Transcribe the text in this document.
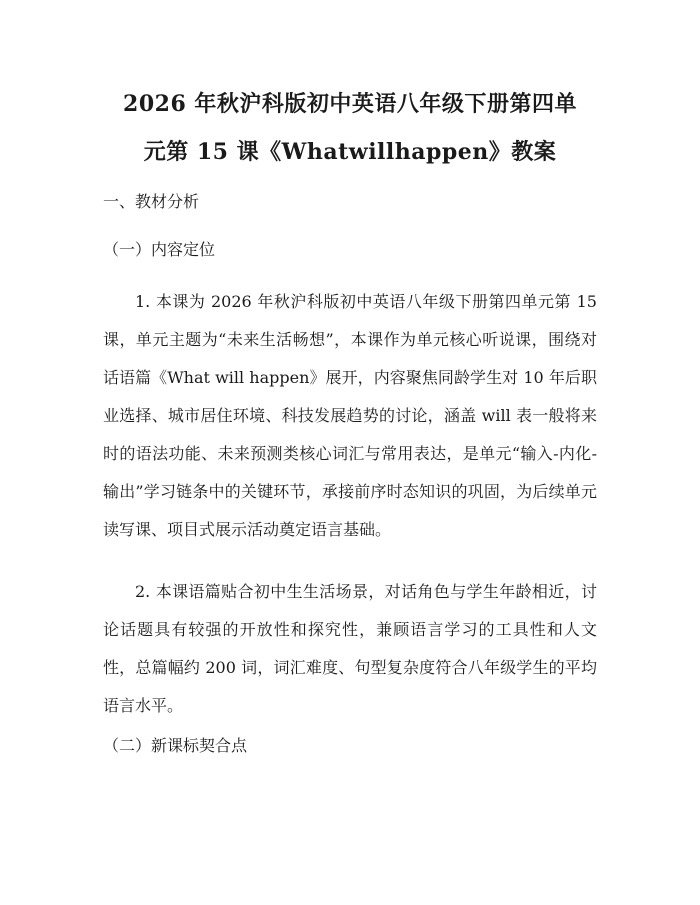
2026 年秋沪科版初中英语八年级下册第四单
元第 15 课《Whatwillhappen》教案
一、教材分析
（一）内容定位
1. 本课为 2026 年秋沪科版初中英语八年级下册第四单元第 15 课，单元主题为“未来生活畅想”，本课作为单元核心听说课，围绕对话语篇《What will happen》展开，内容聚焦同龄学生对 10 年后职业选择、城市居住环境、科技发展趋势的讨论，涵盖 will 表一般将来时的语法功能、未来预测类核心词汇与常用表达，是单元“输入-内化-输出”学习链条中的关键环节，承接前序时态知识的巩固，为后续单元读写课、项目式展示活动奠定语言基础。
2. 本课语篇贴合初中生生活场景，对话角色与学生年龄相近，讨论话题具有较强的开放性和探究性，兼顾语言学习的工具性和人文性，总篇幅约 200 词，词汇难度、句型复杂度符合八年级学生的平均语言水平。
（二）新课标契合点
